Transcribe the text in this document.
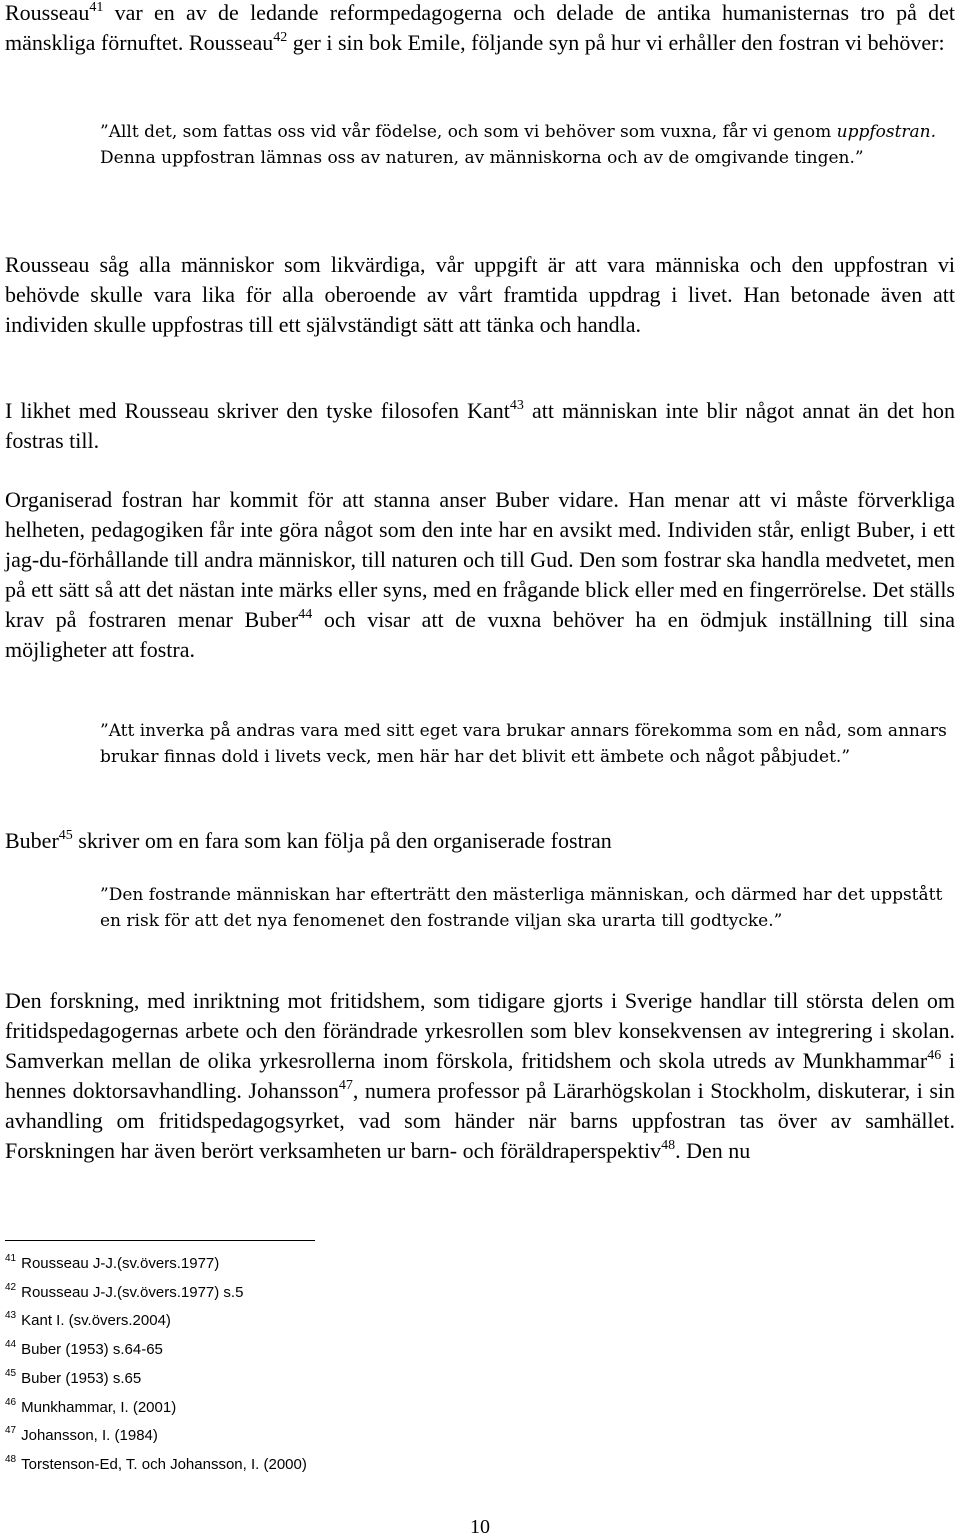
Rousseau$^{41}$ var en av de ledande reformpedagogerna och delade de antika humanisternas tro på det mänskliga förnuftet. Rousseau$^{42}$ ger i sin bok Emile, följande syn på hur vi erhåller den fostran vi behöver:

”Allt det, som fattas oss vid vår födelse, och som vi behöver som vuxna, får vi genom uppfostran.
Denna uppfostran lämnas oss av naturen, av människorna och av de omgivande tingen.”

Rousseau såg alla människor som likvärdiga, vår uppgift är att vara människa och den uppfostran vi behövde skulle vara lika för alla oberoende av vårt framtida uppdrag i livet. Han betonade även att individen skulle uppfostras till ett självständigt sätt att tänka och handla.

I likhet med Rousseau skriver den tyske filosofen Kant$^{43}$ att människan inte blir något annat än det hon fostras till.

Organiserad fostran har kommit för att stanna anser Buber vidare. Han menar att vi måste förverkliga helheten, pedagogiken får inte göra något som den inte har en avsikt med. Individen står, enligt Buber, i ett jag-du-förhållande till andra människor, till naturen och till Gud. Den som fostrar ska handla medvetet, men på ett sätt så att det nästan inte märks eller syns, med en frågande blick eller med en fingerrörelse. Det ställs krav på fostraren menar Buber$^{44}$ och visar att de vuxna behöver ha en ödmjuk inställning till sina möjligheter att fostra.

”Att inverka på andras vara med sitt eget vara brukar annars förekomma som en nåd, som annars brukar finnas dold i livets veck, men här har det blivit ett ämbete och något påbjudet.”

Buber$^{45}$ skriver om en fara som kan följa på den organiserade fostran

”Den fostrande människan har efterträtt den mästerliga människan, och därmed har det uppstått en risk för att det nya fenomenet den fostrande viljan ska urarta till godtycke.”

Den forskning, med inriktning mot fritidshem, som tidigare gjorts i Sverige handlar till största delen om fritidspedagogernas arbete och den förändrade yrkesrollen som blev konsekvensen av integrering i skolan. Samverkan mellan de olika yrkesrollerna inom förskola, fritidshem och skola utreds av Munkhammar$^{46}$ i hennes doktorsavhandling. Johansson$^{47}$, numera professor på Lärarhögskolan i Stockholm, diskuterar, i sin avhandling om fritidspedagogsyrket, vad som händer när barns uppfostran tas över av samhället. Forskningen har även berört verksamheten ur barn- och föräldraperspektiv$^{48}$. Den nu

$^{41}$ Rousseau J-J.(sv.övers.1977)
$^{42}$ Rousseau J-J.(sv.övers.1977) s.5
$^{43}$ Kant I. (sv.övers.2004)
$^{44}$ Buber (1953) s.64-65
$^{45}$ Buber (1953) s.65
$^{46}$ Munkhammar, I. (2001)
$^{47}$ Johansson, I. (1984)
$^{48}$ Torstenson-Ed, T. och Johansson, I. (2000)
10
